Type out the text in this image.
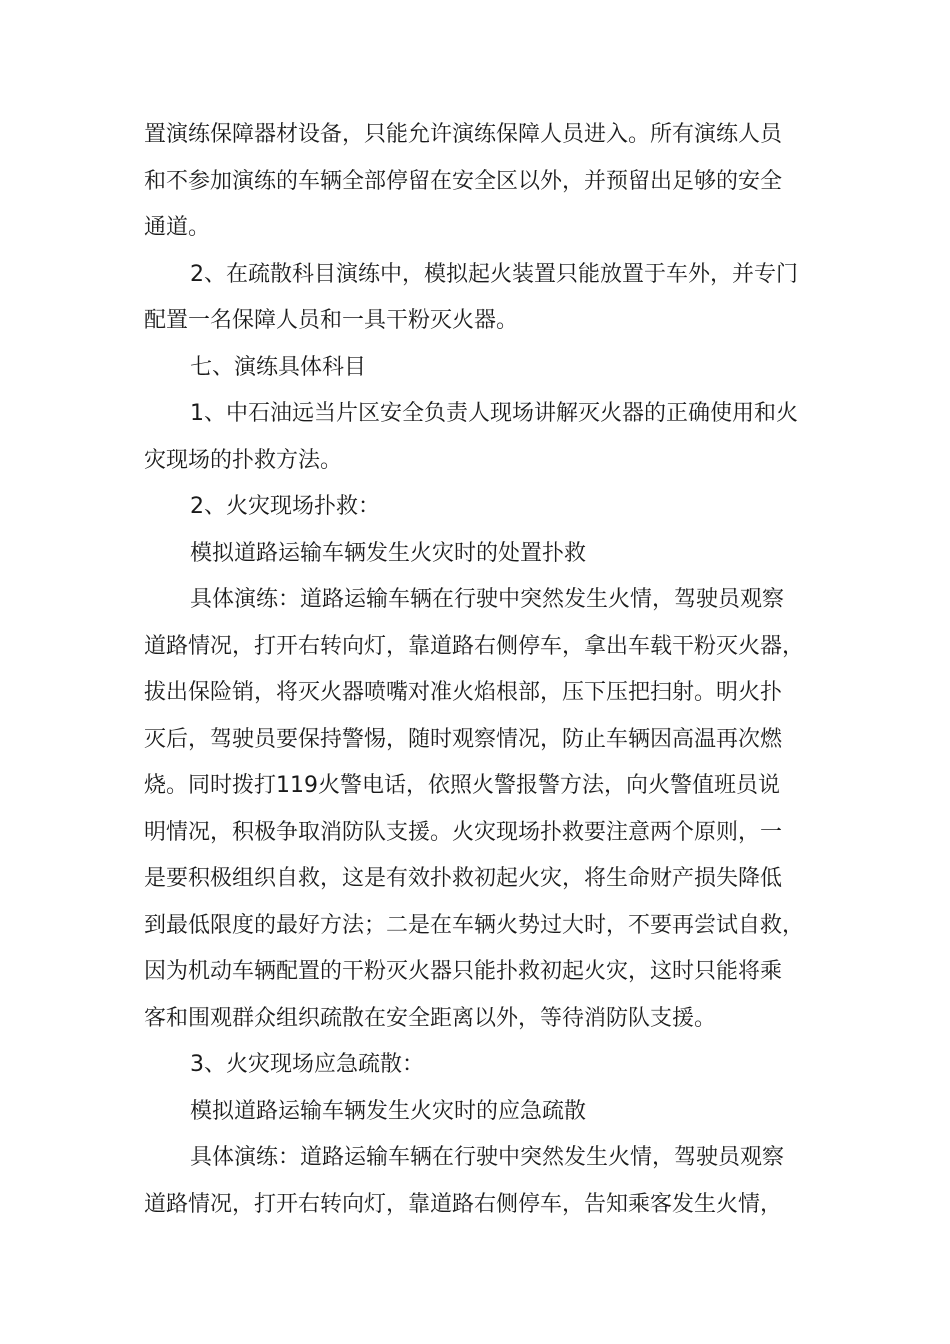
置演练保障器材设备，只能允许演练保障人员进入。所有演练人员
和不参加演练的车辆全部停留在安全区以外，并预留出足够的安全
通道。
2、在疏散科目演练中，模拟起火装置只能放置于车外，并专门
配置一名保障人员和一具干粉灭火器。
七、演练具体科目
1、中石油远当片区安全负责人现场讲解灭火器的正确使用和火
灾现场的扑救方法。
2、火灾现场扑救：
模拟道路运输车辆发生火灾时的处置扑救
具体演练：道路运输车辆在行驶中突然发生火情，驾驶员观察
道路情况，打开右转向灯，靠道路右侧停车，拿出车载干粉灭火器，
拔出保险销，将灭火器喷嘴对准火焰根部，压下压把扫射。明火扑
灭后，驾驶员要保持警惕，随时观察情况，防止车辆因高温再次燃
烧。同时拨打119火警电话，依照火警报警方法，向火警值班员说
明情况，积极争取消防队支援。火灾现场扑救要注意两个原则，一
是要积极组织自救，这是有效扑救初起火灾，将生命财产损失降低
到最低限度的最好方法；二是在车辆火势过大时，不要再尝试自救，
因为机动车辆配置的干粉灭火器只能扑救初起火灾，这时只能将乘
客和围观群众组织疏散在安全距离以外，等待消防队支援。
3、火灾现场应急疏散：
模拟道路运输车辆发生火灾时的应急疏散
具体演练：道路运输车辆在行驶中突然发生火情，驾驶员观察
道路情况，打开右转向灯，靠道路右侧停车，告知乘客发生火情，
